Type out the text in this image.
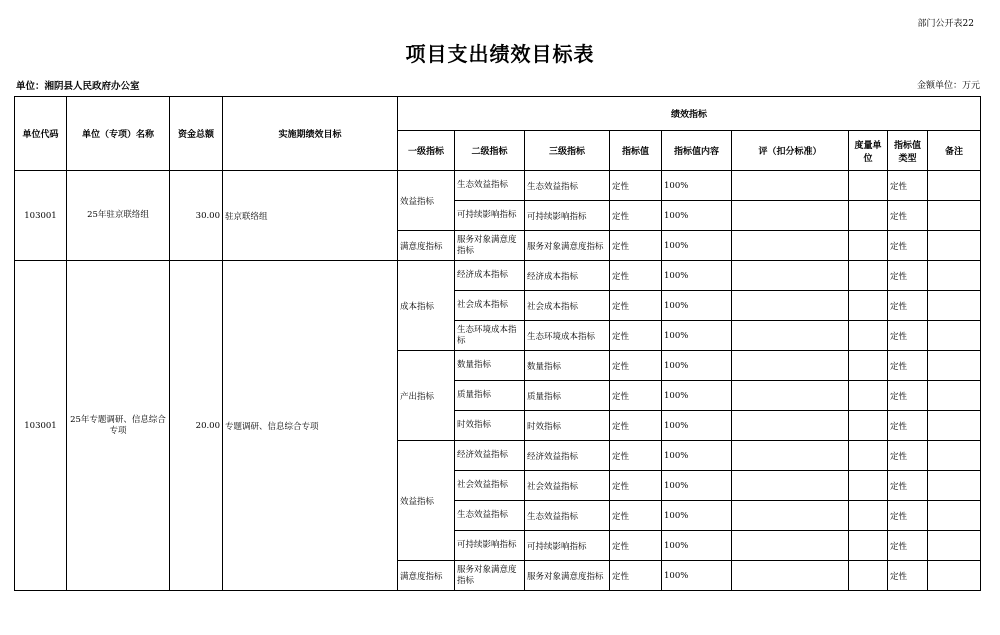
部门公开表22
项目支出绩效目标表
单位：湘阴县人民政府办公室	金额单位：万元
单位代码	单位（专项）名称	资金总额	实施期绩效目标	绩效指标								
				一级指标	二级指标	三级指标	指标值	指标值内容	评（扣分标准）	度量单位	指标值类型	备注
103001	25年驻京联络组	30.00	驻京联络组	效益指标	生态效益指标	生态效益指标	定性	100%			定性	
					可持续影响指标	可持续影响指标	定性	100%			定性	
				满意度指标	服务对象满意度指标	服务对象满意度指标	定性	100%			定性	
103001	25年专题调研、信息综合专项	20.00	专题调研、信息综合专项	成本指标	经济成本指标	经济成本指标	定性	100%			定性	
					社会成本指标	社会成本指标	定性	100%			定性	
					生态环境成本指标	生态环境成本指标	定性	100%			定性	
				产出指标	数量指标	数量指标	定性	100%			定性	
					质量指标	质量指标	定性	100%			定性	
					时效指标	时效指标	定性	100%			定性	
				效益指标	经济效益指标	经济效益指标	定性	100%			定性	
					社会效益指标	社会效益指标	定性	100%			定性	
					生态效益指标	生态效益指标	定性	100%			定性	
					可持续影响指标	可持续影响指标	定性	100%			定性	
				满意度指标	服务对象满意度指标	服务对象满意度指标	定性	100%			定性	
